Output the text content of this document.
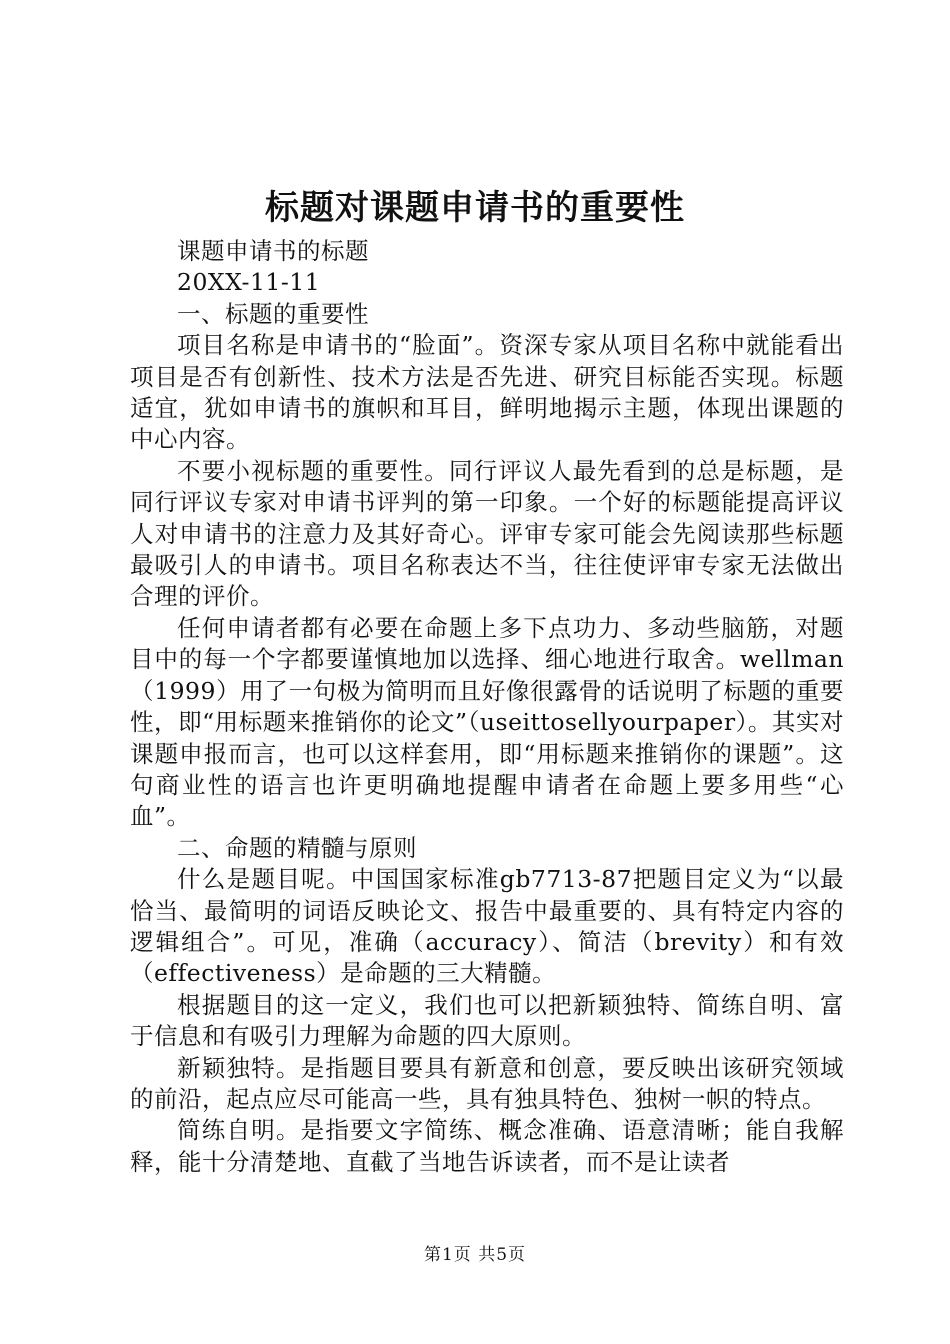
标题对课题申请书的重要性

课题申请书的标题

20XX-11-11

一、标题的重要性

项目名称是申请书的“脸面”。资深专家从项目名称中就能看出项目是否有创新性、技术方法是否先进、研究目标能否实现。标题适宜，犹如申请书的旗帜和耳目，鲜明地揭示主题，体现出课题的中心内容。

不要小视标题的重要性。同行评议人最先看到的总是标题，是同行评议专家对申请书评判的第一印象。一个好的标题能提高评议人对申请书的注意力及其好奇心。评审专家可能会先阅读那些标题最吸引人的申请书。项目名称表达不当，往往使评审专家无法做出合理的评价。

任何申请者都有必要在命题上多下点功力、多动些脑筋，对题目中的每一个字都要谨慎地加以选择、细心地进行取舍。wellman（1999）用了一句极为简明而且好像很露骨的话说明了标题的重要性，即“用标题来推销你的论文”（useittosellyourpaper）。其实对课题申报而言，也可以这样套用，即“用标题来推销你的课题”。这句商业性的语言也许更明确地提醒申请者在命题上要多用些“心血”。

二、命题的精髓与原则

什么是题目呢。中国国家标准gb7713-87把题目定义为“以最恰当、最简明的词语反映论文、报告中最重要的、具有特定内容的逻辑组合”。可见，准确（accuracy）、简洁（brevity）和有效（effectiveness）是命题的三大精髓。

根据题目的这一定义，我们也可以把新颖独特、简练自明、富于信息和有吸引力理解为命题的四大原则。

新颖独特。是指题目要具有新意和创意，要反映出该研究领域的前沿，起点应尽可能高一些，具有独具特色、独树一帜的特点。

简练自明。是指要文字简练、概念准确、语意清晰；能自我解释，能十分清楚地、直截了当地告诉读者，而不是让读者

第1页 共5页
